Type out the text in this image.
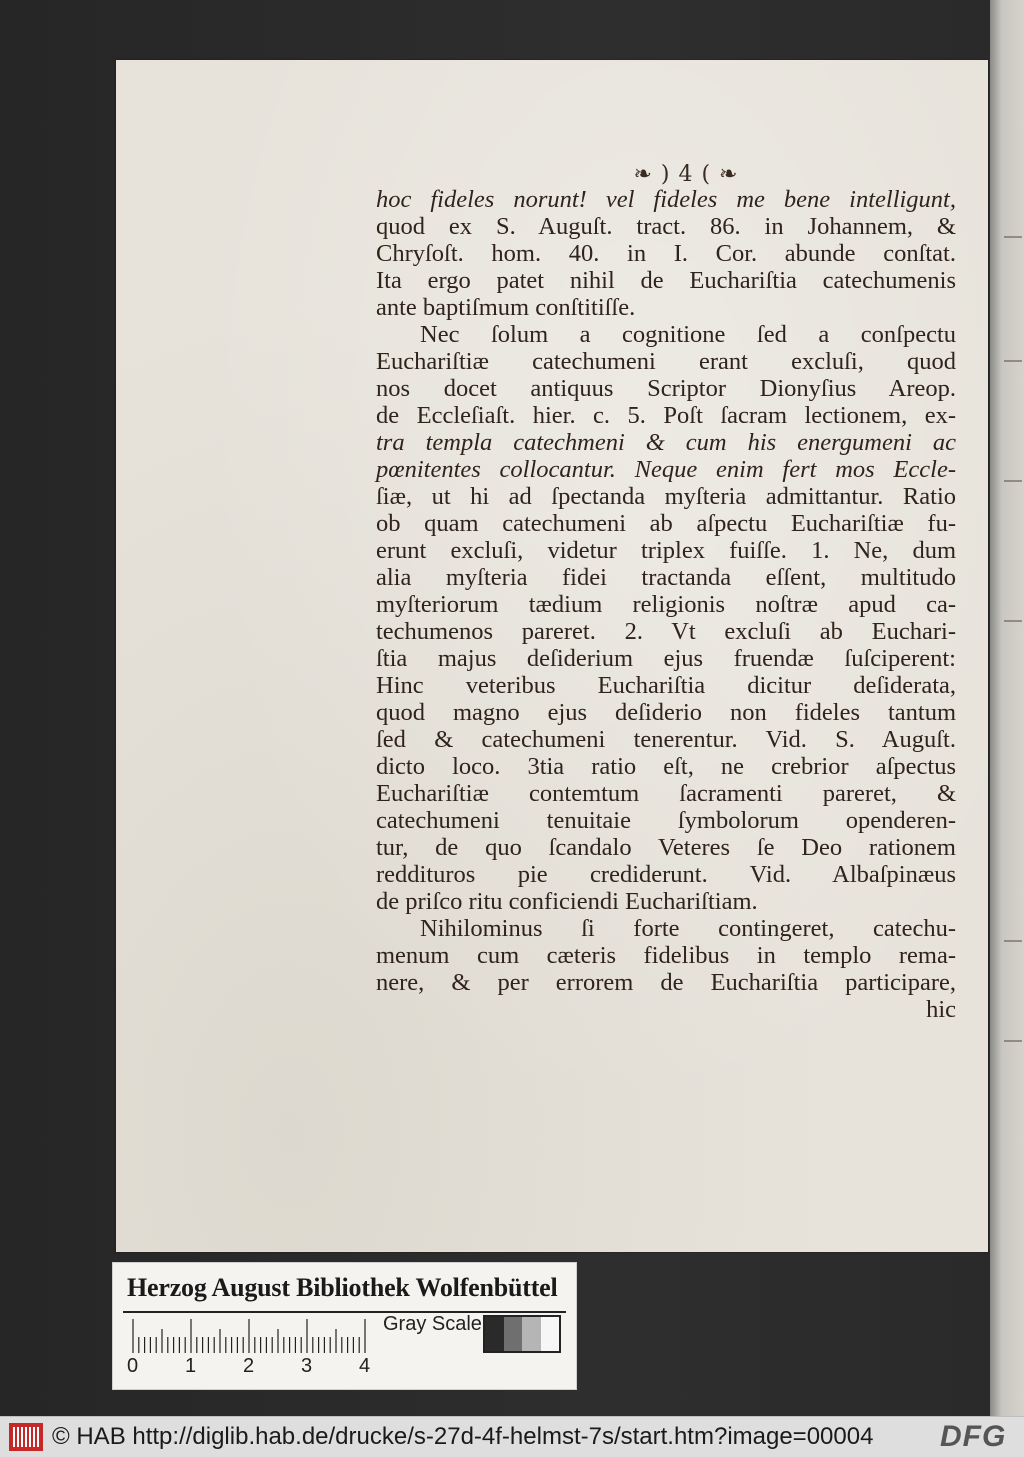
❧ ) 4 ( ❧
hoc fideles norunt! vel fideles me bene intelligunt,
quod ex S. Auguſt. tract. 86. in Johannem, &
Chryſoſt. hom. 40. in I. Cor. abunde conſtat.
Ita ergo patet nihil de Euchariſtia catechumenis
ante baptiſmum conſtitiſſe.
Nec ſolum a cognitione ſed a conſpectu
Euchariſtiæ catechumeni erant excluſi, quod
nos docet antiquus Scriptor Dionyſius Areop.
de Eccleſiaſt. hier. c. 5. Poſt ſacram lectionem, ex-
tra templa catechmeni & cum his energumeni ac
pœnitentes collocantur. Neque enim fert mos Eccle-
ſiæ, ut hi ad ſpectanda myſteria admittantur. Ratio
ob quam catechumeni ab aſpectu Euchariſtiæ fu-
erunt excluſi, videtur triplex fuiſſe. 1. Ne, dum
alia myſteria fidei tractanda eſſent, multitudo
myſteriorum tædium religionis noſtræ apud ca-
techumenos pareret. 2. Vt excluſi ab Euchari-
ſtia majus deſiderium ejus fruendæ ſuſciperent:
Hinc veteribus Euchariſtia dicitur deſiderata,
quod magno ejus deſiderio non fideles tantum
ſed & catechumeni tenerentur. Vid. S. Auguſt.
dicto loco. 3tia ratio eſt, ne crebrior aſpectus
Euchariſtiæ contemtum ſacramenti pareret, &
catechumeni tenuitaie ſymbolorum openderen-
tur, de quo ſcandalo Veteres ſe Deo rationem
reddituros pie crediderunt. Vid. Albaſpinæus
de priſco ritu conficiendi Euchariſtiam.
Nihilominus ſi forte contingeret, catechu-
menum cum cæteris fidelibus in templo rema-
nere, & per errorem de Euchariſtia participare,
hic
Herzog August Bibliothek Wolfenbüttel
0 1 2 3 4
Gray Scale
© HAB http://diglib.hab.de/drucke/s-27d-4f-helmst-7s/start.htm?image=00004 DFG
